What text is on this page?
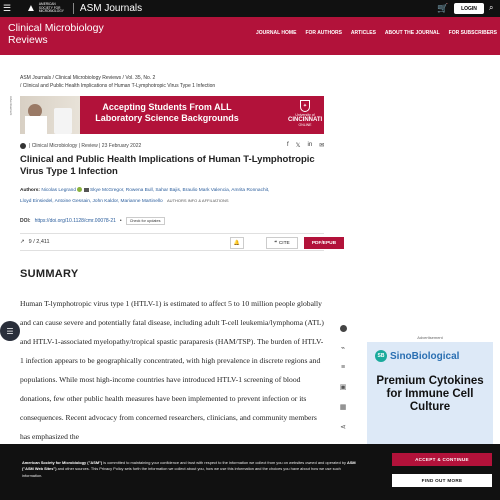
☰ ▲ AMERICAN SOCIETY FOR MICROBIOLOGY	ASM Journals	🛒	LOGIN	⌕
Clinical Microbiology Reviews
JOURNAL HOME FOR AUTHORS ARTICLES ABOUT THE JOURNAL FOR SUBSCRIBERS
ASM Journals / Clinical Microbiology Reviews / Vol. 35, No. 2
/ Clinical and Public Health Implications of Human T-Lymphotropic Virus Type 1 Infection
Advertisement	Accepting Students From ALL Laboratory Science Backgrounds
✦
University of
CINCINNATI
ONLINE
| Clinical Microbiology | Review | 23 February 2022	f 𝕏 in ✉
Clinical and Public Health Implications of Human T-Lymphotropic Virus Type 1 Infection
Authors: Nicolas Legrand	Skye McGregor, Rowena Bull, Sahar Bajis, Braulio Mark Valencia, Amrita Ronnachit,
Lloyd Einsiedel, Antoine Gessain, John Kaldor, Marianne Martinello AUTHORS INFO & AFFILIATIONS
DOI: https://doi.org/10.1128/cmr.00078-21 •	Check for updates
↗ 9 / 2,411	🔔	❝ CITE	PDF/EPUB
SUMMARY

Human T-lymphotropic virus type 1 (HTLV-1) is estimated to affect 5 to 10 million people globally and can cause severe and potentially fatal disease, including adult T-cell leukemia/lymphoma (ATL) and HTLV-1-associated myelopathy/tropical spastic paraparesis (HAM/TSP). The burden of HTLV-1 infection appears to be geographically concentrated, with high prevalence in discrete regions and populations. While most high-income countries have introduced HTLV-1 screening of blood donations, few other public health measures have been implemented to prevent infection or its consequences. Recent advocacy from concerned researchers, clinicians, and community members has emphasized the

☰
⌁
≡
▣
▦
⋖
Advertisement
SB SinoBiological
Premium Cytokines for Immune Cell Culture
American Society for Microbiology ("ASM") is committed to maintaining your confidence and trust with respect to the information we collect from you on websites owned and operated by ASM ("ASM Web Sites") and other sources. This Privacy Policy sets forth the information we collect about you, how we use this information and the choices you have about how we use such information.
ACCEPT & CONTINUE
FIND OUT MORE
